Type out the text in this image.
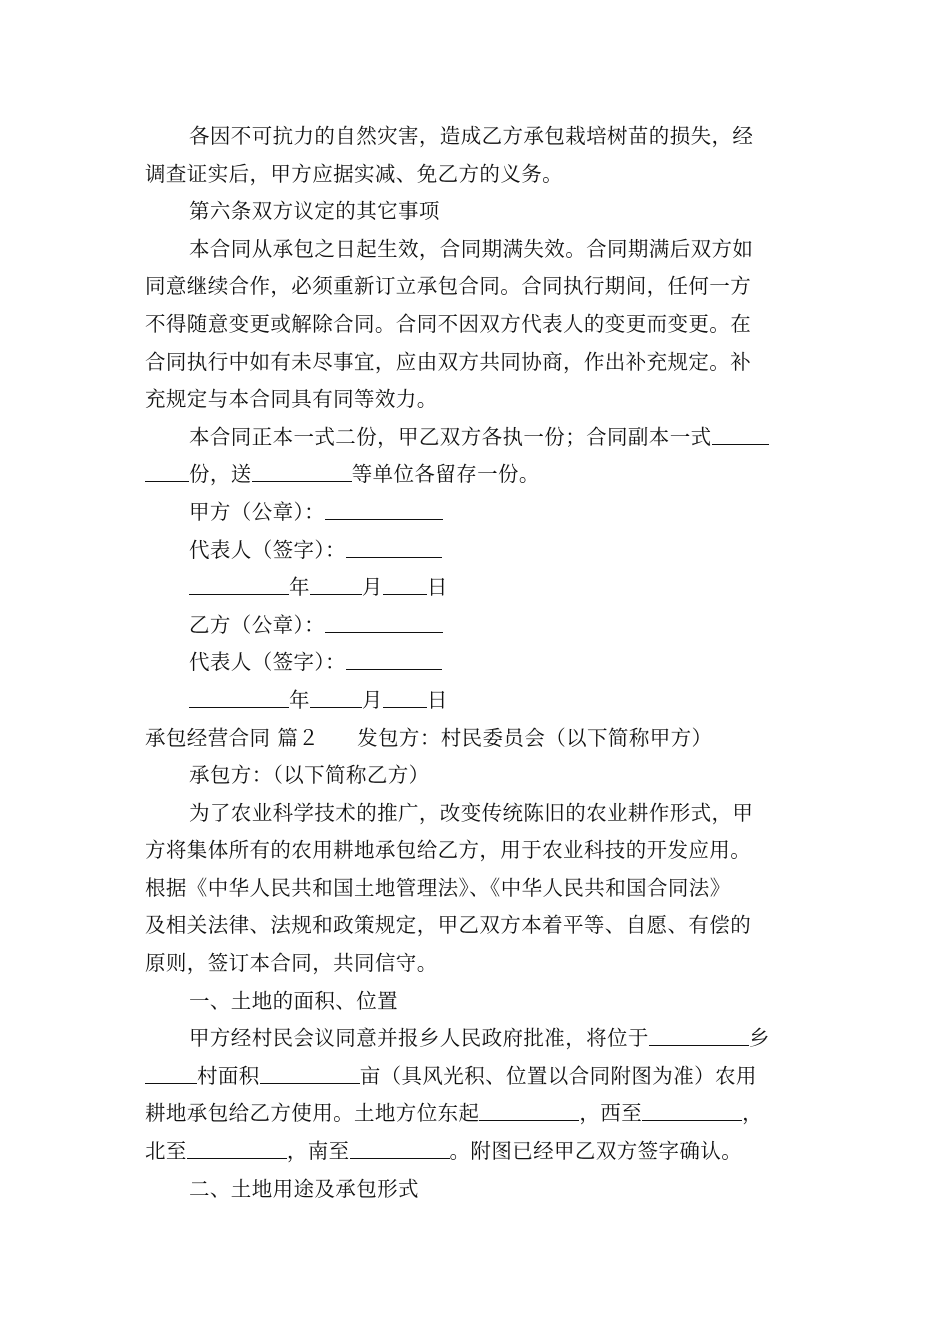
各因不可抗力的自然灾害，造成乙方承包栽培树苗的损失，经

调查证实后，甲方应据实减、免乙方的义务。

第六条双方议定的其它事项

本合同从承包之日起生效，合同期满失效。合同期满后双方如

同意继续合作，必须重新订立承包合同。合同执行期间，任何一方

不得随意变更或解除合同。合同不因双方代表人的变更而变更。在

合同执行中如有未尽事宜，应由双方共同协商，作出补充规定。补

充规定与本合同具有同等效力。

本合同正本一式二份，甲乙双方各执一份；合同副本一式

份，送	等单位各留存一份。

甲方（公章）：

代表人（签字）：

年	月 日

乙方（公章）：

代表人（签字）：

年	月 日

承包经营合同 篇２ 发包方：村民委员会（以下简称甲方）

承包方：（以下简称乙方）

为了农业科学技术的推广，改变传统陈旧的农业耕作形式，甲

方将集体所有的农用耕地承包给乙方，用于农业科技的开发应用。

根据《中华人民共和国土地管理法》、《中华人民共和国合同法》

及相关法律、法规和政策规定，甲乙双方本着平等、自愿、有偿的

原则，签订本合同，共同信守。

一、土地的面积、位置

甲方经村民会议同意并报乡人民政府批准，将位于	乡

村面积	亩（具风光积、位置以合同附图为准）农用

耕地承包给乙方使用。土地方位东起	，西至	，

北至	，南至	。附图已经甲乙双方签字确认。

二、土地用途及承包形式
